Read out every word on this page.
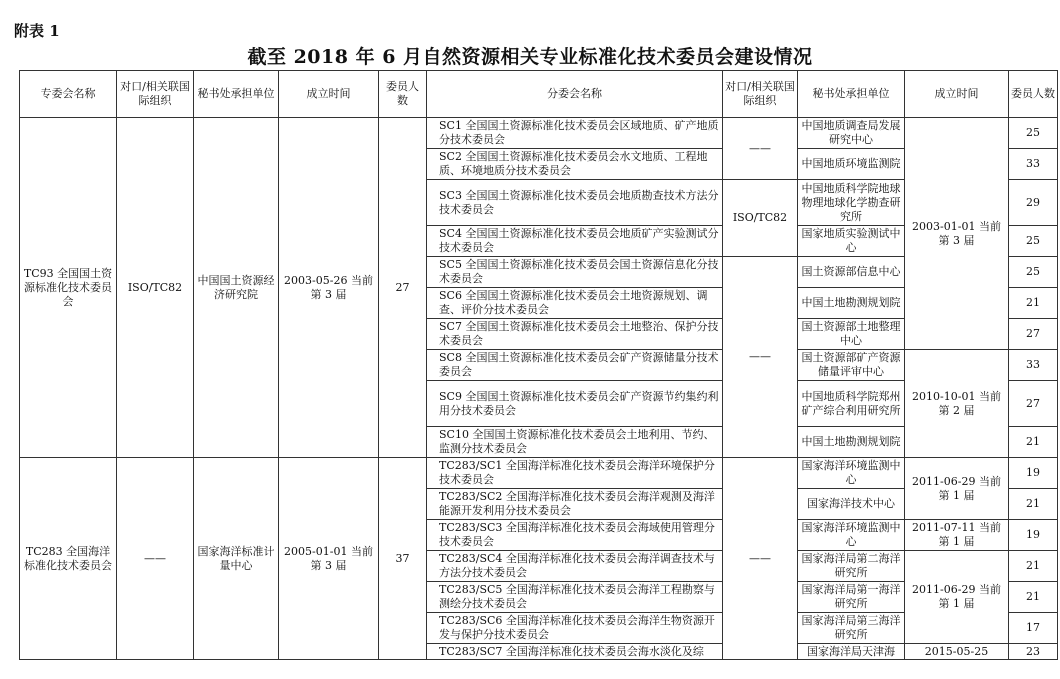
附表 1
截至 2018 年 6 月自然资源相关专业标准化技术委员会建设情况
专委会名称	对口/相关联国际组织	秘书处承担单位	成立时间	委员人数	分委会名称	对口/相关联国际组织	秘书处承担单位	成立时间	委员人数
TC93 全国国土资源标准化技术委员会	ISO/TC82	中国国土资源经济研究院	2003-05-26 当前第 3 届	27	SC1 全国国土资源标准化技术委员会区域地质、矿产地质分技术委员会	——	中国地质调查局发展研究中心	2003-01-01 当前第 3 届	25
					SC2 全国国土资源标准化技术委员会水文地质、工程地质、环境地质分技术委员会		中国地质环境监测院		33
					SC3 全国国土资源标准化技术委员会地质勘查技术方法分技术委员会	ISO/TC82	中国地质科学院地球物理地球化学勘查研究所		29
					SC4 全国国土资源标准化技术委员会地质矿产实验测试分技术委员会		国家地质实验测试中心		25
					SC5 全国国土资源标准化技术委员会国土资源信息化分技术委员会	——	国土资源部信息中心		25
					SC6 全国国土资源标准化技术委员会土地资源规划、调查、评价分技术委员会		中国土地勘测规划院		21
					SC7 全国国土资源标准化技术委员会土地整治、保护分技术委员会		国土资源部土地整理中心		27
					SC8 全国国土资源标准化技术委员会矿产资源储量分技术委员会		国土资源部矿产资源储量评审中心	2010-10-01 当前第 2 届	33
					SC9 全国国土资源标准化技术委员会矿产资源节约集约利用分技术委员会		中国地质科学院郑州矿产综合利用研究所		27
					SC10 全国国土资源标准化技术委员会土地利用、节约、监测分技术委员会		中国土地勘测规划院		21
TC283 全国海洋标准化技术委员会	——	国家海洋标准计量中心	2005-01-01 当前第 3 届	37	TC283/SC1 全国海洋标准化技术委员会海洋环境保护分技术委员会	——	国家海洋环境监测中心	2011-06-29 当前第 1 届	19
					TC283/SC2 全国海洋标准化技术委员会海洋观测及海洋能源开发利用分技术委员会		国家海洋技术中心		21
					TC283/SC3 全国海洋标准化技术委员会海域使用管理分技术委员会		国家海洋环境监测中心	2011-07-11 当前第 1 届	19
					TC283/SC4 全国海洋标准化技术委员会海洋调查技术与方法分技术委员会		国家海洋局第二海洋研究所	2011-06-29 当前第 1 届	21
					TC283/SC5 全国海洋标准化技术委员会海洋工程勘察与测绘分技术委员会		国家海洋局第一海洋研究所		21
					TC283/SC6 全国海洋标准化技术委员会海洋生物资源开发与保护分技术委员会		国家海洋局第三海洋研究所		17
					TC283/SC7 全国海洋标准化技术委员会海水淡化及综		国家海洋局天津海	2015-05-25	23
